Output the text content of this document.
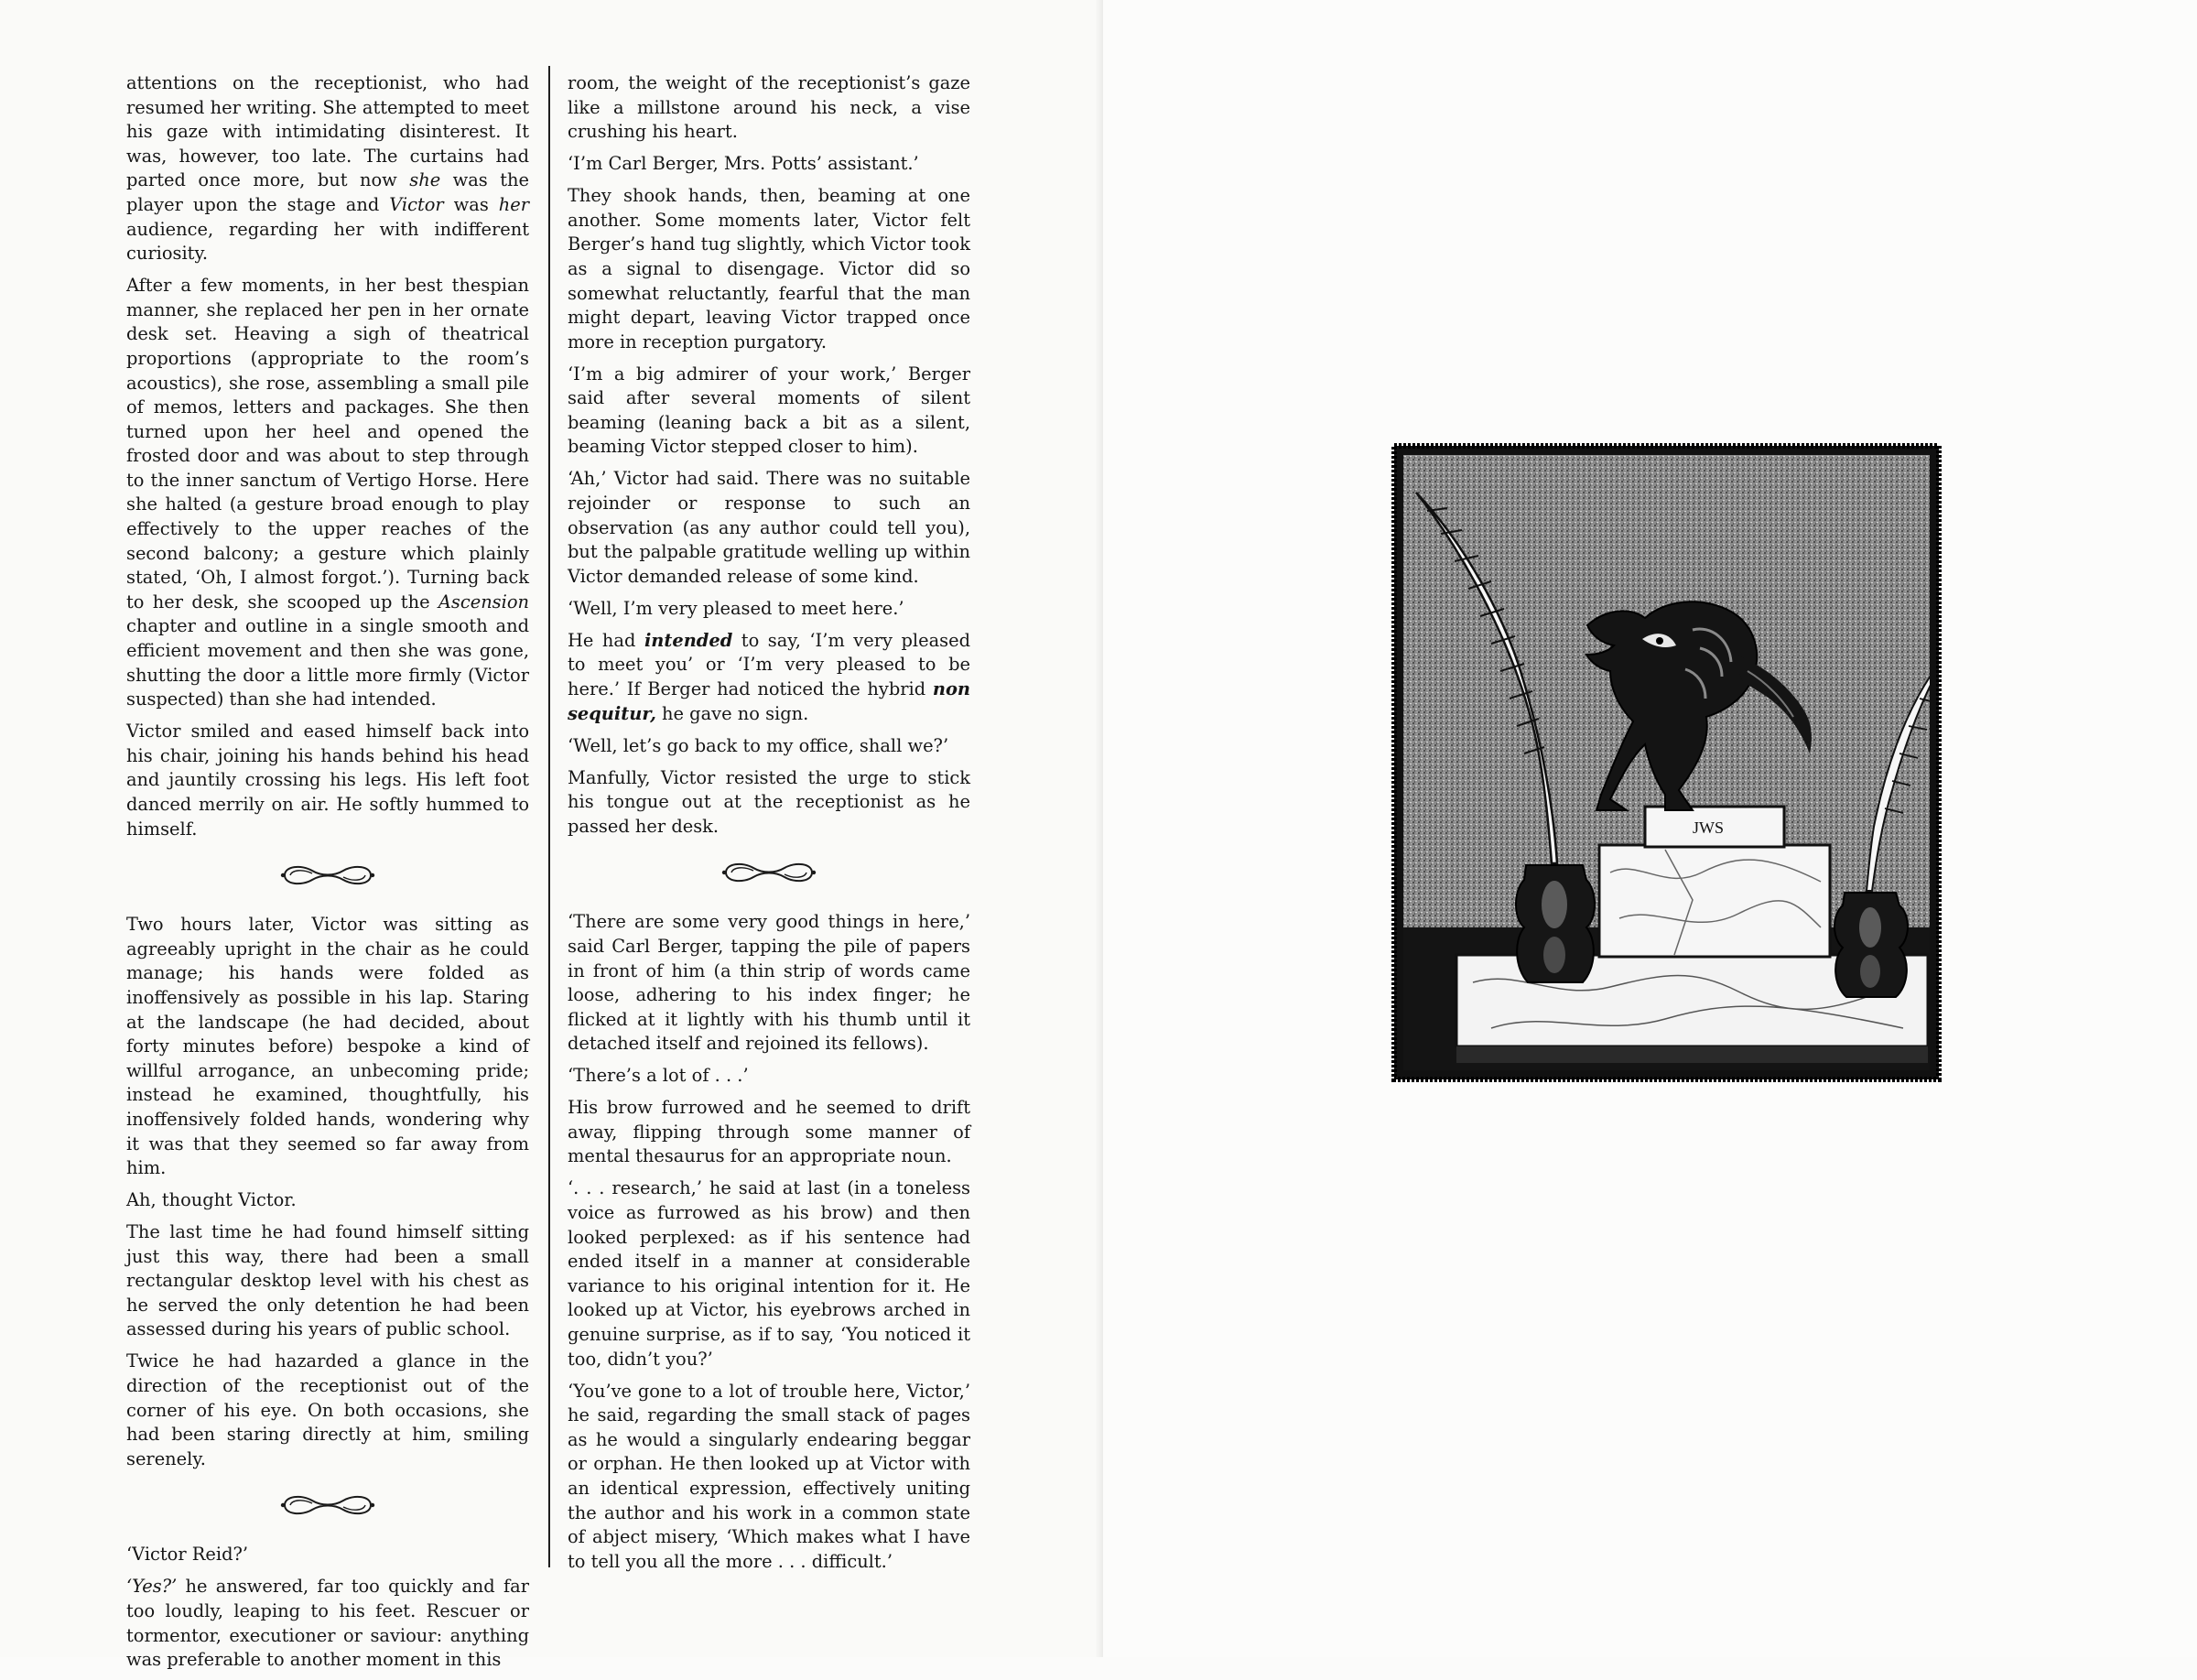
attentions on the receptionist, who had resumed her writing. She attempted to meet his gaze with intimidating disinterest. It was, however, too late. The curtains had parted once more, but now she was the player upon the stage and Victor was her audience, regarding her with indifferent curiosity.

After a few moments, in her best thespian manner, she replaced her pen in her ornate desk set. Heaving a sigh of theatrical proportions (appropriate to the room’s acoustics), she rose, assembling a small pile of memos, letters and packages. She then turned upon her heel and opened the frosted door and was about to step through to the inner sanctum of Vertigo Horse. Here she halted (a gesture broad enough to play effectively to the upper reaches of the second balcony; a gesture which plainly stated, ‘Oh, I almost forgot.’). Turning back to her desk, she scooped up the Ascension chapter and outline in a single smooth and efficient movement and then she was gone, shutting the door a little more firmly (Victor suspected) than she had intended.

Victor smiled and eased himself back into his chair, joining his hands behind his head and jauntily crossing his legs. His left foot danced merrily on air. He softly hummed to himself.

Two hours later, Victor was sitting as agreeably upright in the chair as he could manage; his hands were folded as inoffensively as possible in his lap. Staring at the landscape (he had decided, about forty minutes before) bespoke a kind of willful arrogance, an unbecoming pride; instead he examined, thoughtfully, his inoffensively folded hands, wondering why it was that they seemed so far away from him.

Ah, thought Victor.

The last time he had found himself sitting just this way, there had been a small rectangular desktop level with his chest as he served the only detention he had been assessed during his years of public school.

Twice he had hazarded a glance in the direction of the receptionist out of the corner of his eye. On both occasions, she had been staring directly at him, smiling serenely.

‘Victor Reid?’

‘Yes?’ he answered, far too quickly and far too loudly, leaping to his feet. Rescuer or tormentor, executioner or saviour: anything was preferable to another moment in this

room, the weight of the receptionist’s gaze like a millstone around his neck, a vise crushing his heart.

‘I’m Carl Berger, Mrs. Potts’ assistant.’

They shook hands, then, beaming at one another. Some moments later, Victor felt Berger’s hand tug slightly, which Victor took as a signal to disengage. Victor did so somewhat reluctantly, fearful that the man might depart, leaving Victor trapped once more in reception purgatory.

‘I’m a big admirer of your work,’ Berger said after several moments of silent beaming (leaning back a bit as a silent, beaming Victor stepped closer to him).

‘Ah,’ Victor had said. There was no suitable rejoinder or response to such an observation (as any author could tell you), but the palpable gratitude welling up within Victor demanded release of some kind.

‘Well, I’m very pleased to meet here.’

He had intended to say, ‘I’m very pleased to meet you’ or ‘I’m very pleased to be here.’ If Berger had noticed the hybrid non sequitur, he gave no sign.

‘Well, let’s go back to my office, shall we?’

Manfully, Victor resisted the urge to stick his tongue out at the receptionist as he passed her desk.

‘There are some very good things in here,’ said Carl Berger, tapping the pile of papers in front of him (a thin strip of words came loose, adhering to his index finger; he flicked at it lightly with his thumb until it detached itself and rejoined its fellows).

‘There’s a lot of . . .’

His brow furrowed and he seemed to drift away, flipping through some manner of mental thesaurus for an appropriate noun.

‘. . . research,’ he said at last (in a toneless voice as furrowed as his brow) and then looked perplexed: as if his sentence had ended itself in a manner at considerable variance to his original intention for it. He looked up at Victor, his eyebrows arched in genuine surprise, as if to say, ‘You noticed it too, didn’t you?’

‘You’ve gone to a lot of trouble here, Victor,’ he said, regarding the small stack of pages as he would a singularly endearing beggar or orphan. He then looked up at Victor with an identical expression, effectively uniting the author and his work in a common state of abject misery, ‘Which makes what I have to tell you all the more . . . difficult.’

JWS
